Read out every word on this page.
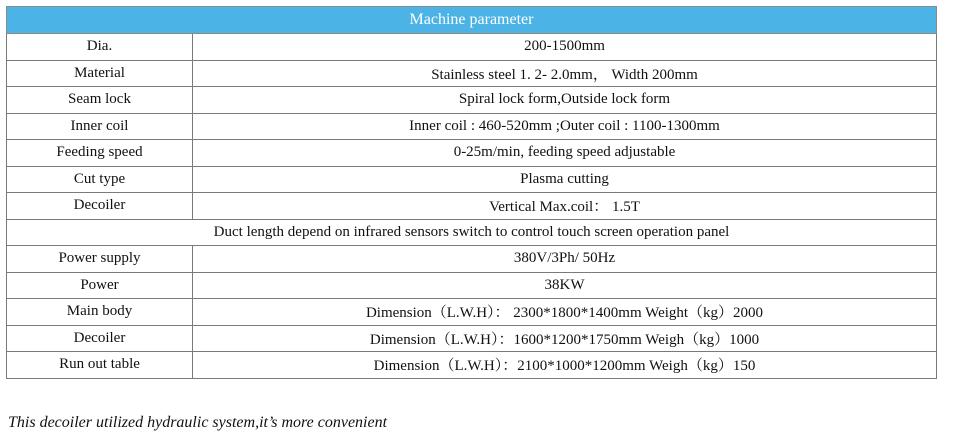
Machine parameter	
Dia.	200-1500mm
Material	Stainless steel 1. 2- 2.0mm， Width 200mm
Seam lock	Spiral lock form,Outside lock form
Inner coil	Inner coil : 460-520mm ;Outer coil : 1100-1300mm
Feeding speed	0-25m/min, feeding speed adjustable
Cut type	Plasma cutting
Decoiler	Vertical Max.coil： 1.5T
Duct length depend on infrared sensors switch to control touch screen operation panel	
Power supply	380V/3Ph/ 50Hz
Power	38KW
Main body	Dimension（L.W.H）： 2300*1800*1400mm Weight（kg）2000
Decoiler	Dimension（L.W.H）：1600*1200*1750mm Weigh（kg）1000
Run out table	Dimension（L.W.H）：2100*1000*1200mm Weigh（kg）150
This decoiler utilized hydraulic system,it’s more convenient
